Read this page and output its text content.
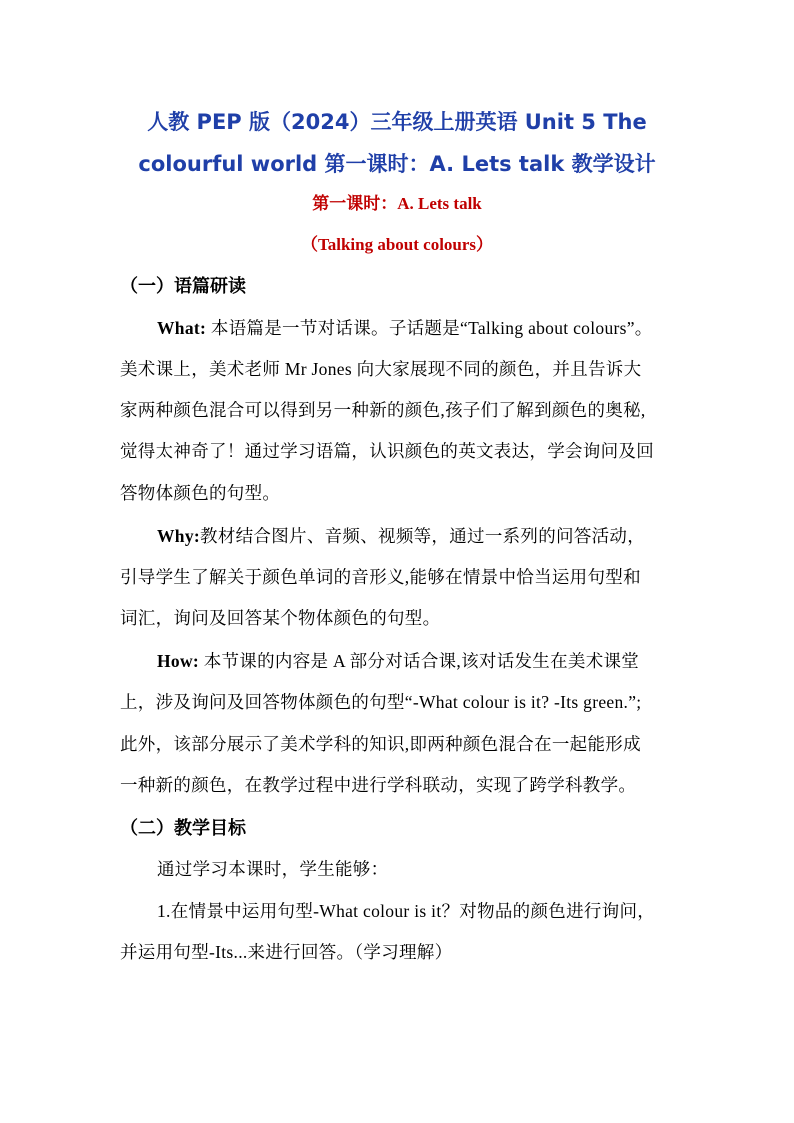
人教 PEP 版（2024）三年级上册英语 Unit 5 The
colourful world 第一课时：A. Lets talk 教学设计
第一课时：A. Lets talk
（Talking about colours）
（一）语篇研读
What: 本语篇是一节对话课。子话题是“Talking about colours”。
美术课上，美术老师 Mr Jones 向大家展现不同的颜色，并且告诉大
家两种颜色混合可以得到另一种新的颜色,孩子们了解到颜色的奥秘,
觉得太神奇了！通过学习语篇，认识颜色的英文表达，学会询问及回
答物体颜色的句型。
Why:教材结合图片、音频、视频等，通过一系列的问答活动，
引导学生了解关于颜色单词的音形义,能够在情景中恰当运用句型和
词汇，询问及回答某个物体颜色的句型。
How: 本节课的内容是 A 部分对话合课,该对话发生在美术课堂
上，涉及询问及回答物体颜色的句型“-What colour is it? -Its green.”;
此外，该部分展示了美术学科的知识,即两种颜色混合在一起能形成
一种新的颜色，在教学过程中进行学科联动，实现了跨学科教学。
（二）教学目标
通过学习本课时，学生能够：
1.在情景中运用句型-What colour is it？对物品的颜色进行询问，
并运用句型-Its...来进行回答。（学习理解）
